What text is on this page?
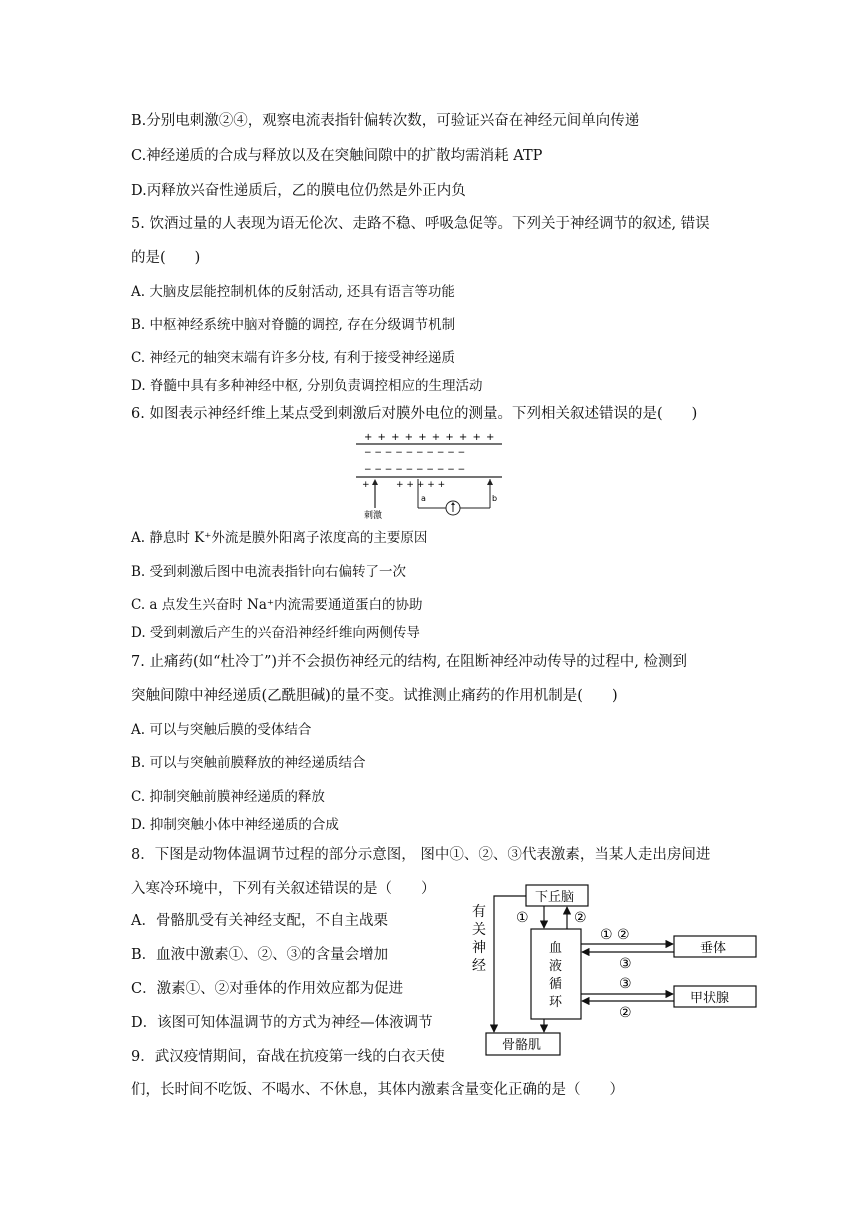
B.分别电刺激②④，观察电流表指针偏转次数，可验证兴奋在神经元间单向传递
C.神经递质的合成与释放以及在突触间隙中的扩散均需消耗 ATP
D.丙释放兴奋性递质后，乙的膜电位仍然是外正内负
5. 饮酒过量的人表现为语无伦次、走路不稳、呼吸急促等。下列关于神经调节的叙述, 错误
的是(　　)
A. 大脑皮层能控制机体的反射活动, 还具有语言等功能
B. 中枢神经系统中脑对脊髓的调控, 存在分级调节机制
C. 神经元的轴突末端有许多分枝, 有利于接受神经递质
D. 脊髓中具有多种神经中枢, 分别负责调控相应的生理活动
6. 如图表示神经纤维上某点受到刺激后对膜外电位的测量。下列相关叙述错误的是(　　)
+ + + + + + + + + +
− − − − − − − − − −
− − − − − − − − − −
+	+ + + + +
刺激
a	b
A. 静息时 K⁺外流是膜外阳离子浓度高的主要原因
B. 受到刺激后图中电流表指针向右偏转了一次
C. a 点发生兴奋时 Na⁺内流需要通道蛋白的协助
D. 受到刺激后产生的兴奋沿神经纤维向两侧传导
7. 止痛药(如“杜冷丁”)并不会损伤神经元的结构, 在阻断神经冲动传导的过程中, 检测到
突触间隙中神经递质(乙酰胆碱)的量不变。试推测止痛药的作用机制是(　　)
A. 可以与突触后膜的受体结合
B. 可以与突触前膜释放的神经递质结合
C. 抑制突触前膜神经递质的释放
D. 抑制突触小体中神经递质的合成
8．下图是动物体温调节过程的部分示意图， 图中①、②、③代表激素，当某人走出房间进
入寒冷环境中，下列有关叙述错误的是（　　）
A．骨骼肌受有关神经支配，不自主战栗
B．血液中激素①、②、③的含量会增加
C．激素①、②对垂体的作用效应都为促进
D．该图可知体温调节的方式为神经—体液调节
有
关
神
经
下丘脑
血
液
循
环
垂体
甲状腺
骨骼肌
①	②
① ②
③
③
②
9．武汉疫情期间，奋战在抗疫第一线的白衣天使
们，长时间不吃饭、不喝水、不休息，其体内激素含量变化正确的是（　　）
